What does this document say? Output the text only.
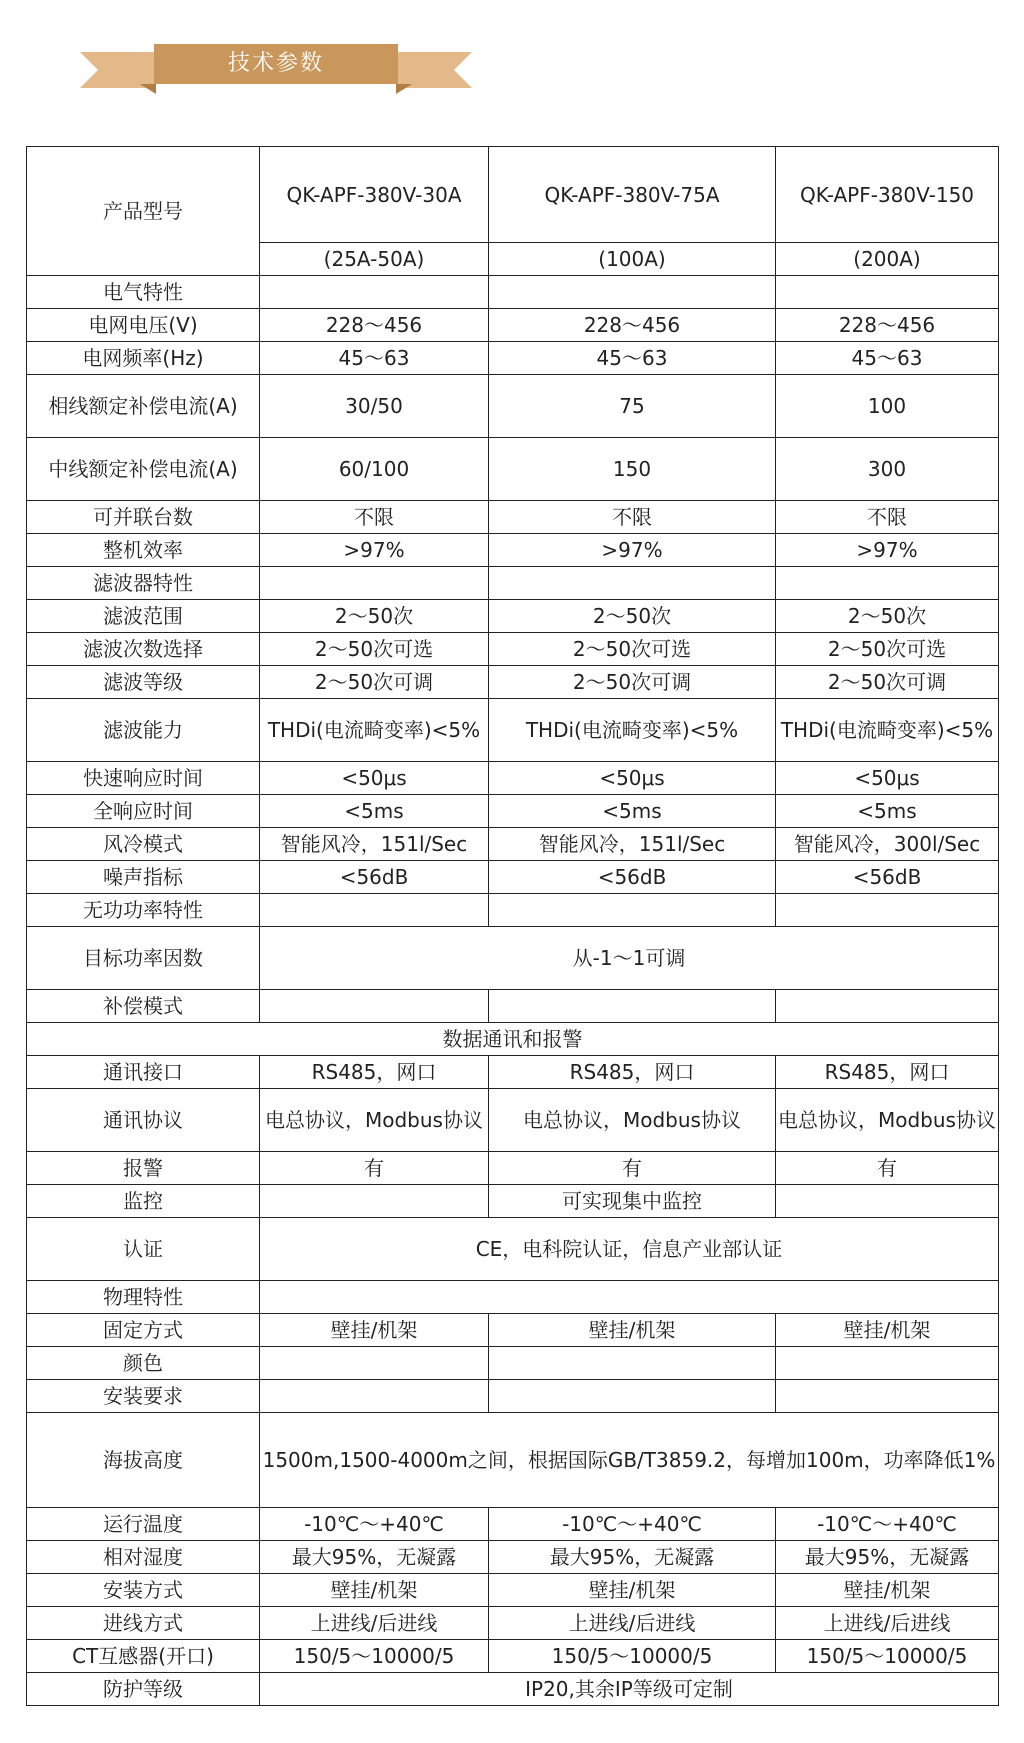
技术参数
产品型号	QK-APF-380V-30A	QK-APF-380V-75A	QK-APF-380V-150
	(25A-50A)	(100A)	(200A)
电气特性			
电网电压(V)	228～456	228～456	228～456
电网频率(Hz)	45～63	45～63	45～63
相线额定补偿电流(A)	30/50	75	100
中线额定补偿电流(A)	60/100	150	300
可并联台数	不限	不限	不限
整机效率	>97%	>97%	>97%
滤波器特性			
滤波范围	2～50次	2～50次	2～50次
滤波次数选择	2～50次可选	2～50次可选	2～50次可选
滤波等级	2～50次可调	2～50次可调	2～50次可调
滤波能力	THDi(电流畸变率)<5%	THDi(电流畸变率)<5%	THDi(电流畸变率)<5%
快速响应时间	<50μs	<50μs	<50μs
全响应时间	<5ms	<5ms	<5ms
风冷模式	智能风冷，151l/Sec	智能风冷，151l/Sec	智能风冷，300l/Sec
噪声指标	<56dB	<56dB	<56dB
无功功率特性			
目标功率因数	从-1～1可调		
补偿模式			
数据通讯和报警			
通讯接口	RS485，网口	RS485，网口	RS485，网口
通讯协议	电总协议，Modbus协议	电总协议，Modbus协议	电总协议，Modbus协议
报警	有	有	有
监控		可实现集中监控	
认证	CE，电科院认证，信息产业部认证		
物理特性			
固定方式	壁挂/机架	壁挂/机架	壁挂/机架
颜色			
安装要求			
海拔高度	1500m,1500-4000m之间，根据国际GB/T3859.2，每增加100m，功率降低1%		
运行温度	-10℃～+40℃	-10℃～+40℃	-10℃～+40℃
相对湿度	最大95%，无凝露	最大95%，无凝露	最大95%，无凝露
安装方式	壁挂/机架	壁挂/机架	壁挂/机架
进线方式	上进线/后进线	上进线/后进线	上进线/后进线
CT互感器(开口)	150/5～10000/5	150/5～10000/5	150/5～10000/5
防护等级	IP20,其余IP等级可定制		
